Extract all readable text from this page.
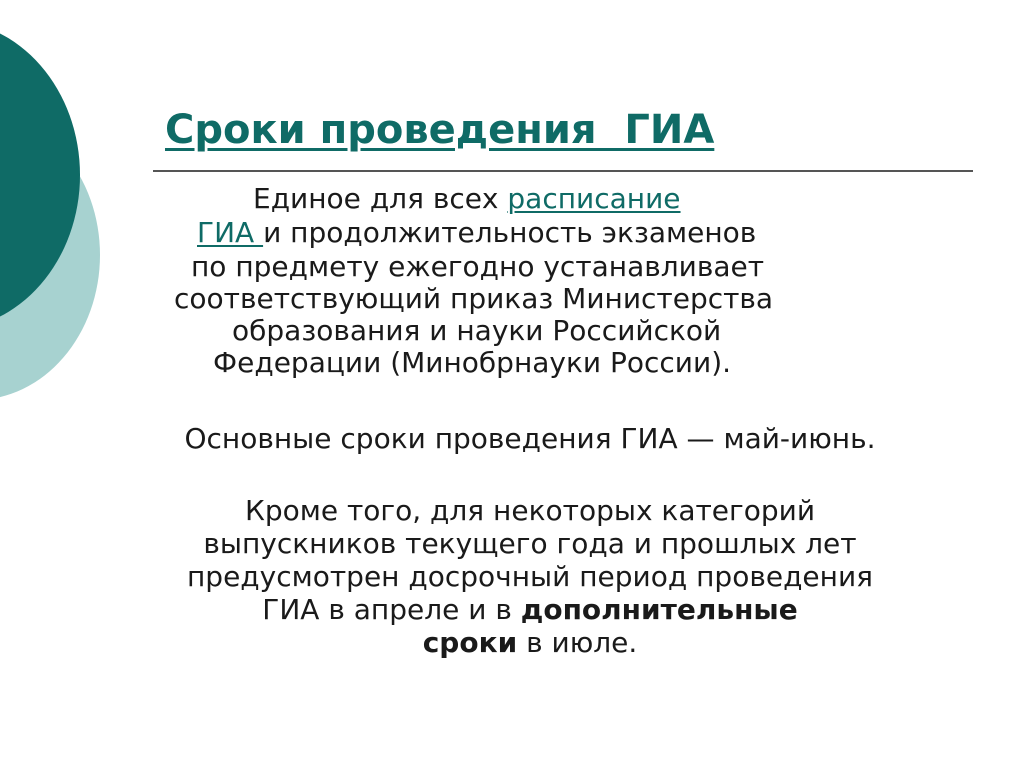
Сроки проведения  ГИА
Единое для всех расписание
ГИА и продолжительность экзаменов
по предмету ежегодно устанавливает
соответствующий приказ Министерства
образования и науки Российской
Федерации (Минобрнауки России).

Основные сроки проведения ГИА — май-июнь.

Кроме того, для некоторых категорий
выпускников текущего года и прошлых лет
предусмотрен досрочный период проведения
ГИА в апреле и в дополнительные
сроки в июле.
